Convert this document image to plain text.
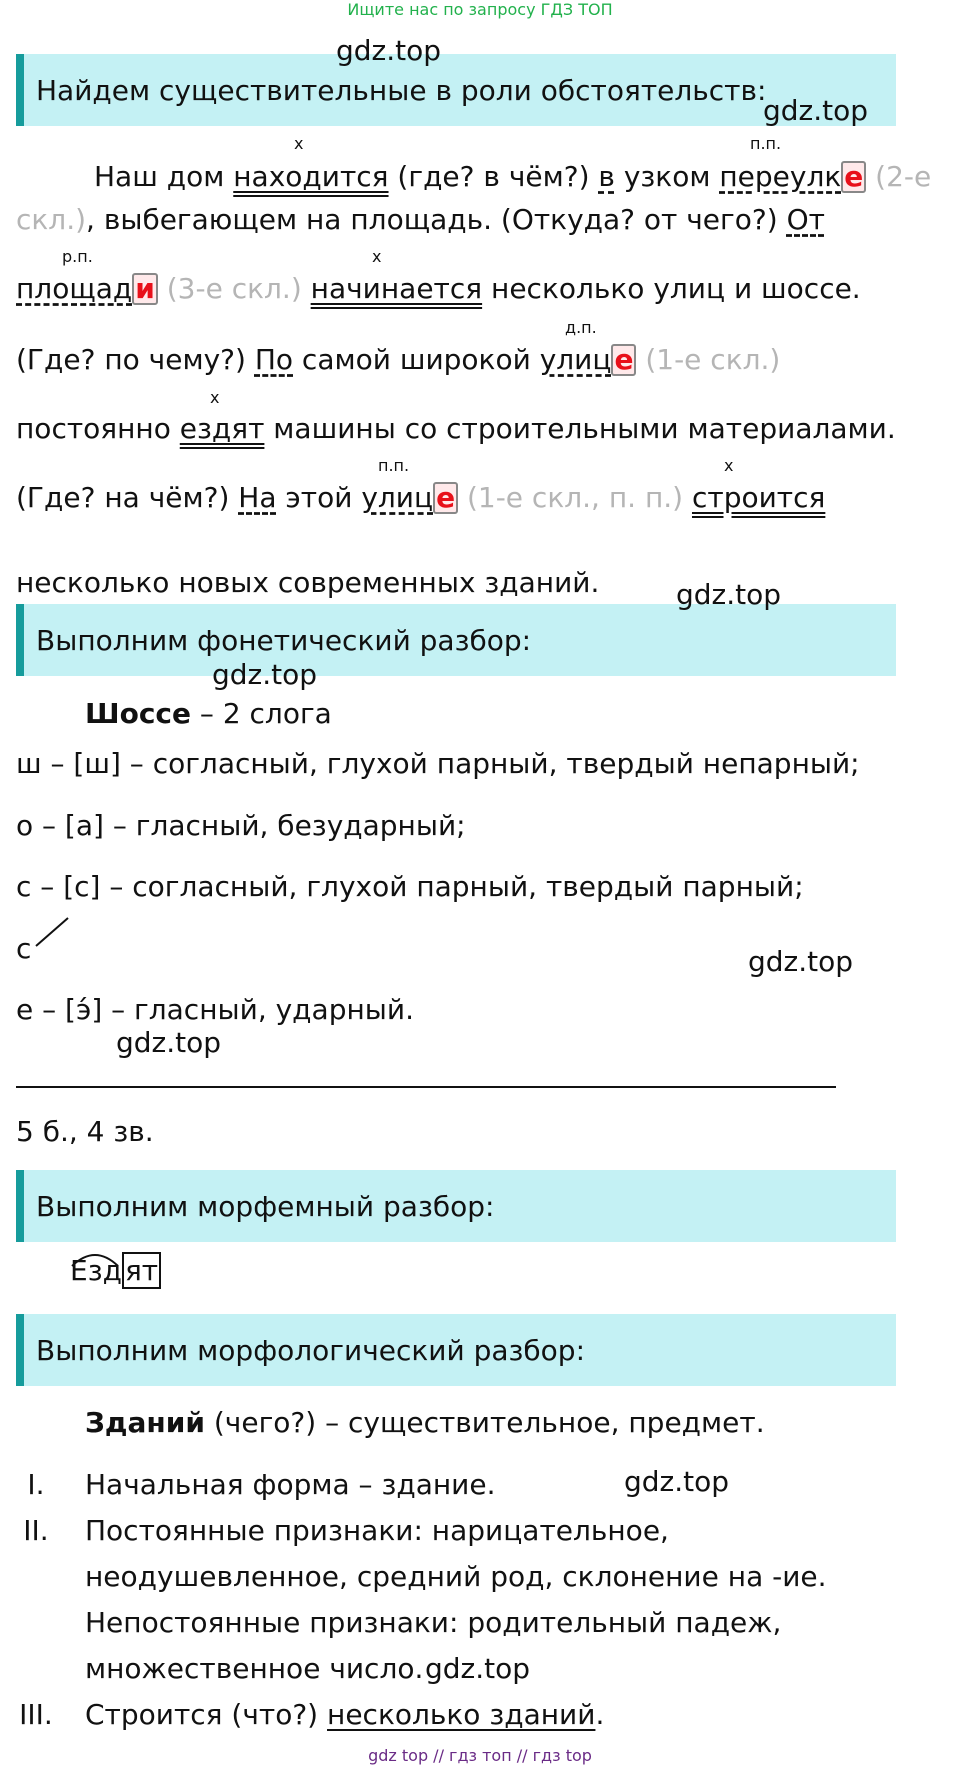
Ищите нас по запросу ГДЗ ТОП
Найдем существительные в роли обстоятельств:
х	п.п.
Наш дом находится (где? в чём?) в узком переулк е (2-е
скл.), выбегающем на площадь. (Откуда? от чего?) От
р.п.	х
площад и (3-е скл.) начинается несколько улиц и шоссе.
д.п.
(Где? по чему?) По самой широкой улиц е (1-е скл.)
х
постоянно ездят машины со строительными материалами.
п.п.	х
(Где? на чём?) На этой улиц е (1-е скл., п. п.) строится
несколько новых современных зданий.
Выполним фонетический разбор:
Шоссе – 2 слога
ш – [ш] – согласный, глухой парный, твердый непарный;
о – [а] – гласный, безударный;
с – [с] – согласный, глухой парный, твердый парный;
с
е – [э́] – гласный, ударный.
5 б., 4 зв.
Выполним морфемный разбор:
Езд ят
Выполним морфологический разбор:
Зданий (чего?) – существительное, предмет.
I.	Начальная форма – здание.
II. Постоянные признаки: нарицательное,
неодушевленное, средний род, склонение на -ие.
Непостоянные признаки: родительный падеж,
множественное число.
III. Строится (что?) несколько зданий.
gdz.top
gdz.top
gdz.top
gdz.top
gdz.top
gdz.top
gdz.top
gdz.top
gdz top // гдз топ // гдз top
